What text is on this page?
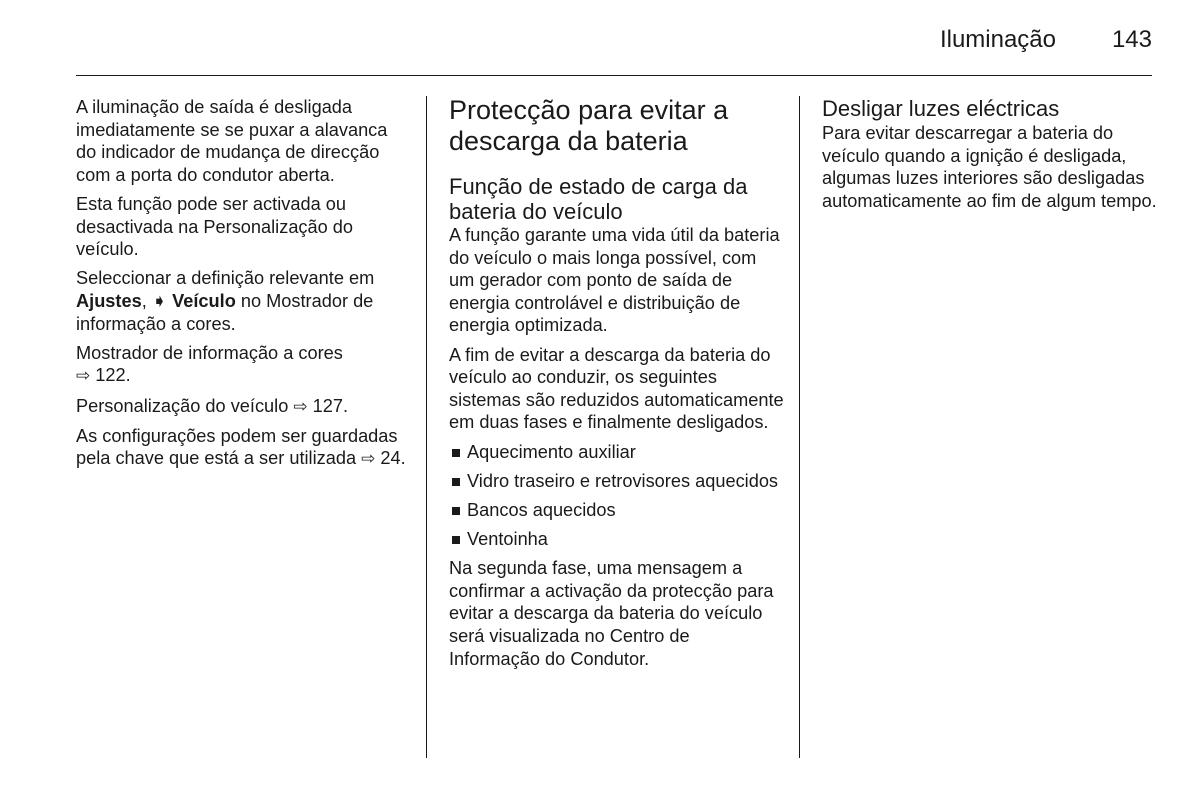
Iluminação	143

A iluminação de saída é desligada imediatamente se se puxar a alavanca do indicador de mudança de direcção com a porta do condutor aberta.

Esta função pode ser activada ou desactivada na Personalização do veículo.

Seleccionar a definição relevante em Ajustes, ➧ Veículo no Mostrador de informação a cores.

Mostrador de informação a cores
⇨ 122.

Personalização do veículo ⇨ 127.

As configurações podem ser guardadas pela chave que está a ser utilizada ⇨ 24.

Protecção para evitar a descarga da bateria
Função de estado de carga da bateria do veículo

A função garante uma vida útil da bateria do veículo o mais longa possível, com um gerador com ponto de saída de energia controlável e distribuição de energia optimizada.

A fim de evitar a descarga da bateria do veículo ao conduzir, os seguintes sistemas são reduzidos automaticamente em duas fases e finalmente desligados.

Aquecimento auxiliar
Vidro traseiro e retrovisores aquecidos
Bancos aquecidos
Ventoinha

Na segunda fase, uma mensagem a confirmar a activação da protecção para evitar a descarga da bateria do veículo será visualizada no Centro de Informação do Condutor.

Desligar luzes eléctricas

Para evitar descarregar a bateria do veículo quando a ignição é desligada, algumas luzes interiores são desligadas automaticamente ao fim de algum tempo.
